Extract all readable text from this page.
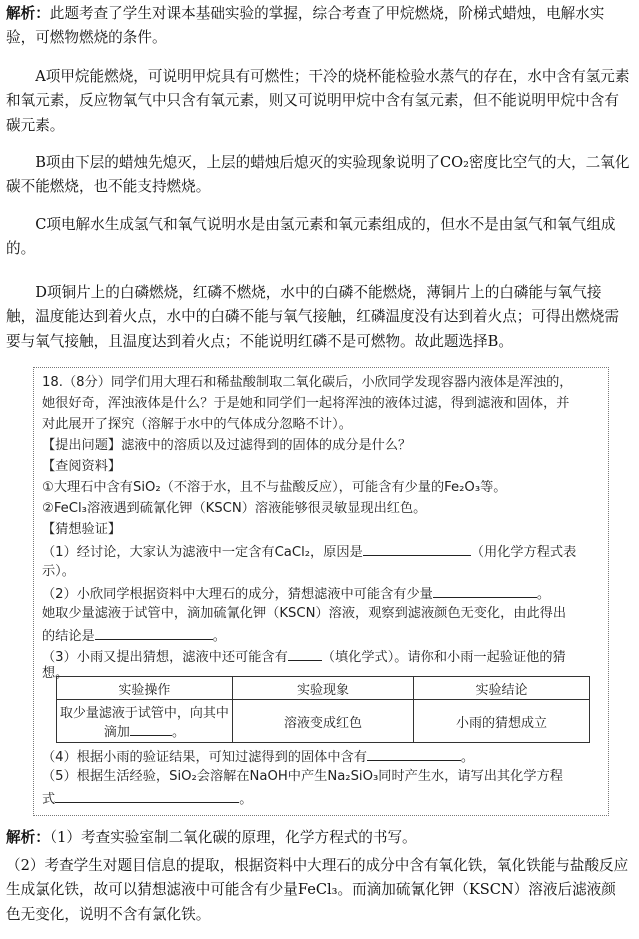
解析：此题考查了学生对课本基础实验的掌握，综合考查了甲烷燃烧，阶梯式蜡烛，电解水实验，可燃物燃烧的条件。
A项甲烷能燃烧，可说明甲烷具有可燃性；干冷的烧杯能检验水蒸气的存在，水中含有氢元素和氧元素，反应物氧气中只含有氧元素，则又可说明甲烷中含有氢元素，但不能说明甲烷中含有碳元素。
B项由下层的蜡烛先熄灭，上层的蜡烛后熄灭的实验现象说明了CO₂密度比空气的大，二氧化碳不能燃烧，也不能支持燃烧。
C项电解水生成氢气和氧气说明水是由氢元素和氧元素组成的，但水不是由氢气和氧气组成的。
D项铜片上的白磷燃烧，红磷不燃烧，水中的白磷不能燃烧，薄铜片上的白磷能与氧气接触，温度能达到着火点，水中的白磷不能与氧气接触，红磷温度没有达到着火点；可得出燃烧需要与氧气接触，且温度达到着火点；不能说明红磷不是可燃物。故此题选择B。
18.（8分）同学们用大理石和稀盐酸制取二氧化碳后，小欣同学发现容器内液体是浑浊的，
她很好奇，浑浊液体是什么？于是她和同学们一起将浑浊的液体过滤，得到滤液和固体，并
对此展开了探究（溶解于水中的气体成分忽略不计）。
【提出问题】滤液中的溶质以及过滤得到的固体的成分是什么？
【查阅资料】
①大理石中含有SiO₂（不溶于水，且不与盐酸反应），可能含有少量的Fe₂O₃等。
②FeCl₃溶液遇到硫氰化钾（KSCN）溶液能够很灵敏显现出红色。
【猜想验证】
（1）经讨论，大家认为滤液中一定含有CaCl₂，原因是	（用化学方程式表
示）。
（2）小欣同学根据资料中大理石的成分，猜想滤液中可能含有少量	。
她取少量滤液于试管中，滴加硫氰化钾（KSCN）溶液，观察到滤液颜色无变化，由此得出
的结论是	。
（3）小雨又提出猜想，滤液中还可能含有	（填化学式）。请你和小雨一起验证他的猜
想。
实验操作	实验现象	实验结论

取少量滤液于试管中，向其中
滴加 。	溶液变成红色	小雨的猜想成立
（4）根据小雨的验证结果，可知过滤得到的固体中含有	。
（5）根据生活经验，SiO₂会溶解在NaOH中产生Na₂SiO₃同时产生水，请写出其化学方程
式	。
解析：（1）考查实验室制二氧化碳的原理，化学方程式的书写。
（2）考查学生对题目信息的提取，根据资料中大理石的成分中含有氧化铁，氧化铁能与盐酸反应生成氯化铁，故可以猜想滤液中可能含有少量FeCl₃。而滴加硫氰化钾（KSCN）溶液后滤液颜色无变化，说明不含有氯化铁。
